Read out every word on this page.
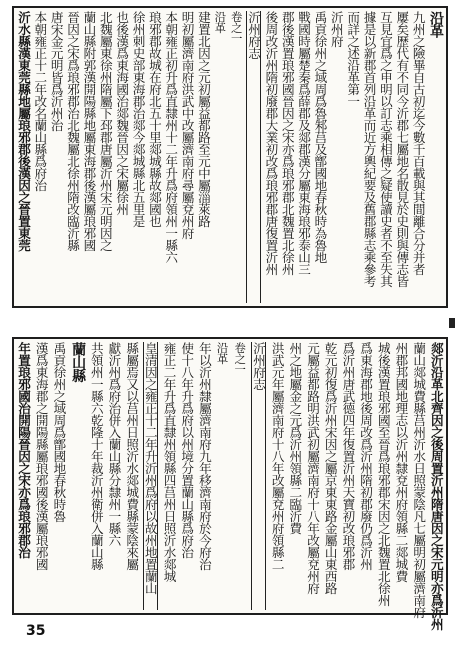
沿革
九州之險畢自古初迄今數千百載與其間離合分并者
屢矣歷代有不同今沂郡七屬地名散見於史則與傳志皆
互見宜爲之申明以訂志乘相傳之疑使讀史者不至失其
據是以新郡首列沿革而近方輿紀要及舊郡縣志乘參考
而詳之述沿革第一
沂州府
禹貢徐州之域周爲魯邾莒及鄫國地春秋時為魯地
戰國時屬楚秦爲薛郡及郯郡漢分屬東海琅邪泰山三
郡後漢置琅邪國晉因之宋亦爲琅邪郡北魏置北徐州
後周改沂州隋初廢郡大業初改爲琅邪郡唐復置沂州
沂州府志
卷之一
沿革
建置北因之元初屬益都路至元中屬淄萊路
明初屬濟南府洪武中改屬濟南府尋屬兗州府
本朝雍正初升爲直隸州十二年升爲府領州一縣六
琅邪郡故城在府北五十里郯城縣故郯國也
徐州刺史部東海郡治郯今郯城縣北五里是
也後漢爲東海國治郯魏晉因之宋屬徐州
北魏屬東徐州隋屬下邳郡唐屬沂州宋元明因之
蘭山縣附郭漢開陽縣地屬東海郡後漢屬琅邪國
晉因之宋爲琅邪郡治北魏屬北徐州隋改臨沂縣
唐宋金元明皆爲沂州治
本朝雍正十二年改名蘭山縣爲府治
沂水縣漢東莞縣地屬琅邪郡後漢因之晉置東莞
郯沂沿革北齊因之後周置沂州隋唐因之宋元明亦爲沂州
蘭山郯城費縣莒州沂水日照蒙陰凡七屬明初屬濟南府
州郡邦國地理志以沂州隸兗州府領縣二郯城費
城後漢置琅邪國至晉爲琅邪郡宋因之北魏置北徐州
爲東海郡地後周改爲沂州隋初郡廢仍爲沂州
爲沂州唐武德四年復置沂州天寶初改琅邪郡
乾元初復爲沂州宋因之屬京東東路金屬山東西路
元屬益都路明洪武初屬濟南府十八年改屬兗州府
州之地屬金之元爲沂州領縣二臨沂費
洪武元年屬濟南府十八年改屬兗州府領縣二
沂州府志
卷之一
沿革
年以沂州隸屬濟南府九年移濟南府於今府治
使十八年升爲府以州境分置蘭山縣爲府治
雍正二年升爲直隸州領縣四莒州日照沂水郯城
皇清因之雍正十二年升沂州爲府以故州地置蘭山
縣屬焉又以莒州日照沂水郯城費縣蒙陰來屬
獻沂州爲府治併入蘭山縣分隸州一縣六
共領州一縣六乾隆十年裁沂州衛併入蘭山縣
蘭山縣
禹貢徐州之域周爲鄫國地春秋時魯
漢爲東海郡之開陽縣屬琅邪國後漢屬琅邪國
年置琅邪國治開陽晉因之宋亦爲琅邪郡治
35
